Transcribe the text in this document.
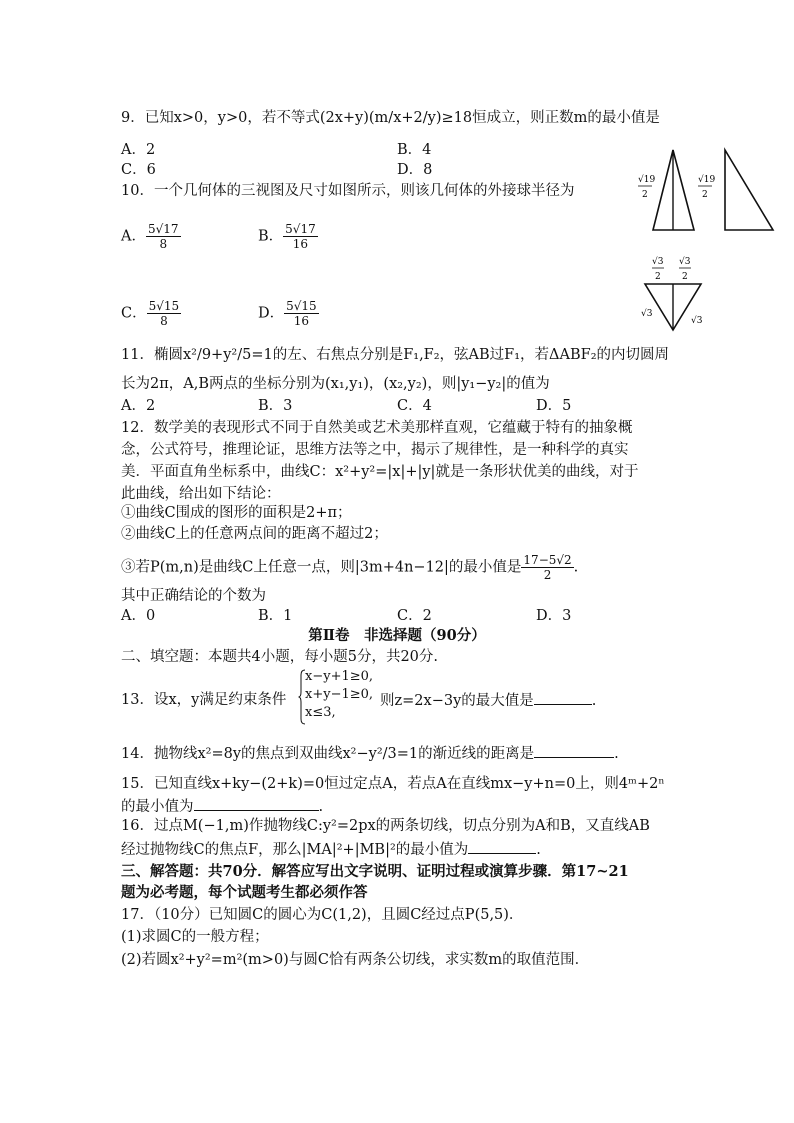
9．已知x>0，y>0，若不等式(2x+y)(m/x+2/y)≥18恒成立，则正数m的最小值是
A．2	B．4
C．6	D．8
10．一个几何体的三视图及尺寸如图所示，则该几何体的外接球半径为
A． $\frac{5√17}{8}$	B． $\frac{5√17}{16}$
C． $\frac{5√15}{8}$	D． $\frac{5√15}{16}$
√19
2
√19
2
√3
2
√3
2
√3
√3
11．椭圆x²/9+y²/5=1的左、右焦点分别是F₁,F₂，弦AB过F₁，若ΔABF₂的内切圆周
长为2π，A,B两点的坐标分别为(x₁,y₁)，(x₂,y₂)，则|y₁−y₂|的值为
A．2	B．3	C．4	D．5
12．数学美的表现形式不同于自然美或艺术美那样直观，它蕴藏于特有的抽象概
念，公式符号，推理论证，思维方法等之中，揭示了规律性，是一种科学的真实
美．平面直角坐标系中，曲线C：x²+y²=|x|+|y|就是一条形状优美的曲线，对于
此曲线，给出如下结论：
①曲线C围成的图形的面积是2+π；
②曲线C上的任意两点间的距离不超过2；
③若P(m,n)是曲线C上任意一点，则|3m+4n−12|的最小值是 $\frac{17-5√2}{2}$ .
其中正确结论的个数为
A．0	B．1	C．2	D．3
第Ⅱ卷　非选择题（90分）
二、填空题：本题共4小题，每小题5分，共20分.
13．设x，y满足约束条件
x−y+1≥0,
x+y−1≥0,
x≤3,
则z=2x−3y的最大值是	.
14．抛物线x²=8y的焦点到双曲线x²−y²/3=1的渐近线的距离是	.
15．已知直线x+ky−(2+k)=0恒过定点A，若点A在直线mx−y+n=0上，则4ᵐ+2ⁿ
的最小值为	.
16．过点M(−1,m)作抛物线C:y²=2px的两条切线，切点分别为A和B，又直线AB
经过抛物线C的焦点F，那么|MA|²+|MB|²的最小值为	.
三、解答题：共70分．解答应写出文字说明、证明过程或演算步骤．第17~21
题为必考题，每个试题考生都必须作答
17．（10分）已知圆C的圆心为C(1,2)，且圆C经过点P(5,5)．
(1)求圆C的一般方程；
(2)若圆x²+y²=m²(m>0)与圆C恰有两条公切线，求实数m的取值范围．
